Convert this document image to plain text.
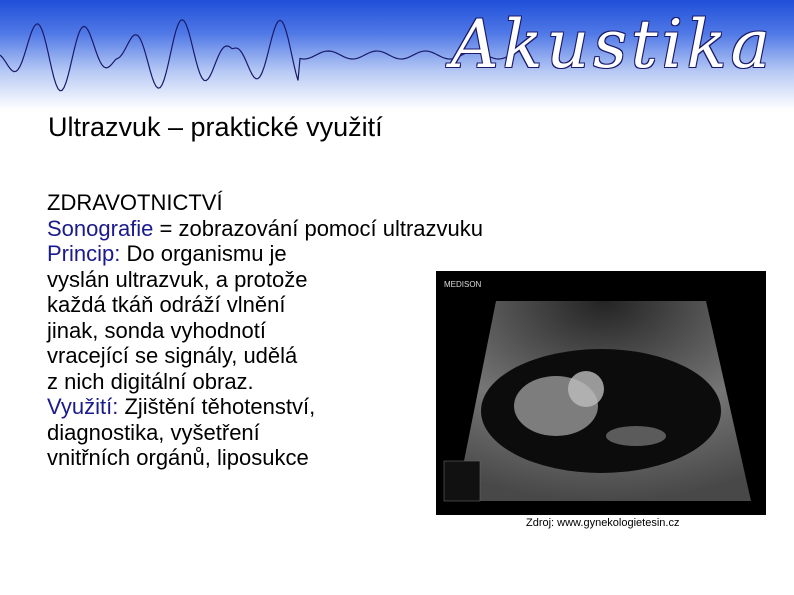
Akustika
Ultrazvuk – praktické využití
ZDRAVOTNICTVÍ
Sonografie = zobrazování pomocí ultrazvuku
Princip: Do organismu je
vyslán ultrazvuk, a protože
každá tkáň odráží vlnění
jinak, sonda vyhodnotí
vracející se signály, udělá
z nich digitální obraz.
Využití: Zjištění těhotenství,
diagnostika, vyšetření
vnitřních orgánů, liposukce
MEDISON
Zdroj: www.gynekologietesin.cz
